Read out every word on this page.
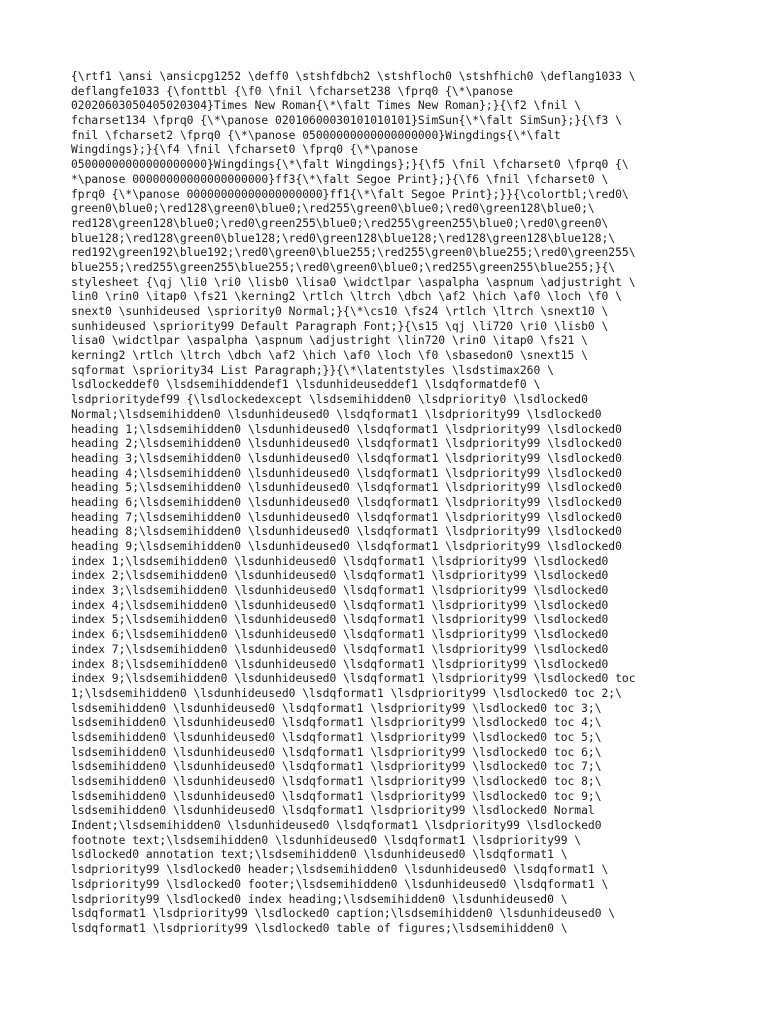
{\rtf1 \ansi \ansicpg1252 \deff0 \stshfdbch2 \stshfloch0 \stshfhich0 \deflang1033 \
deflangfe1033 {\fonttbl {\f0 \fnil \fcharset238 \fprq0 {\*\panose
02020603050405020304}Times New Roman{\*\falt Times New Roman};}{\f2 \fnil \
fcharset134 \fprq0 {\*\panose 02010600030101010101}SimSun{\*\falt SimSun};}{\f3 \
fnil \fcharset2 \fprq0 {\*\panose 05000000000000000000}Wingdings{\*\falt
Wingdings};}{\f4 \fnil \fcharset0 \fprq0 {\*\panose
05000000000000000000}Wingdings{\*\falt Wingdings};}{\f5 \fnil \fcharset0 \fprq0 {\
*\panose 00000000000000000000}ff3{\*\falt Segoe Print};}{\f6 \fnil \fcharset0 \
fprq0 {\*\panose 00000000000000000000}ff1{\*\falt Segoe Print};}}{\colortbl;\red0\
green0\blue0;\red128\green0\blue0;\red255\green0\blue0;\red0\green128\blue0;\
red128\green128\blue0;\red0\green255\blue0;\red255\green255\blue0;\red0\green0\
blue128;\red128\green0\blue128;\red0\green128\blue128;\red128\green128\blue128;\
red192\green192\blue192;\red0\green0\blue255;\red255\green0\blue255;\red0\green255\
blue255;\red255\green255\blue255;\red0\green0\blue0;\red255\green255\blue255;}{\
stylesheet {\qj \li0 \ri0 \lisb0 \lisa0 \widctlpar \aspalpha \aspnum \adjustright \
lin0 \rin0 \itap0 \fs21 \kerning2 \rtlch \ltrch \dbch \af2 \hich \af0 \loch \f0 \
snext0 \sunhideused \spriority0 Normal;}{\*\cs10 \fs24 \rtlch \ltrch \snext10 \
sunhideused \spriority99 Default Paragraph Font;}{\s15 \qj \li720 \ri0 \lisb0 \
lisa0 \widctlpar \aspalpha \aspnum \adjustright \lin720 \rin0 \itap0 \fs21 \
kerning2 \rtlch \ltrch \dbch \af2 \hich \af0 \loch \f0 \sbasedon0 \snext15 \
sqformat \spriority34 List Paragraph;}}{\*\latentstyles \lsdstimax260 \
lsdlockeddef0 \lsdsemihiddendef1 \lsdunhideuseddef1 \lsdqformatdef0 \
lsdprioritydef99 {\lsdlockedexcept \lsdsemihidden0 \lsdpriority0 \lsdlocked0
Normal;\lsdsemihidden0 \lsdunhideused0 \lsdqformat1 \lsdpriority99 \lsdlocked0
heading 1;\lsdsemihidden0 \lsdunhideused0 \lsdqformat1 \lsdpriority99 \lsdlocked0
heading 2;\lsdsemihidden0 \lsdunhideused0 \lsdqformat1 \lsdpriority99 \lsdlocked0
heading 3;\lsdsemihidden0 \lsdunhideused0 \lsdqformat1 \lsdpriority99 \lsdlocked0
heading 4;\lsdsemihidden0 \lsdunhideused0 \lsdqformat1 \lsdpriority99 \lsdlocked0
heading 5;\lsdsemihidden0 \lsdunhideused0 \lsdqformat1 \lsdpriority99 \lsdlocked0
heading 6;\lsdsemihidden0 \lsdunhideused0 \lsdqformat1 \lsdpriority99 \lsdlocked0
heading 7;\lsdsemihidden0 \lsdunhideused0 \lsdqformat1 \lsdpriority99 \lsdlocked0
heading 8;\lsdsemihidden0 \lsdunhideused0 \lsdqformat1 \lsdpriority99 \lsdlocked0
heading 9;\lsdsemihidden0 \lsdunhideused0 \lsdqformat1 \lsdpriority99 \lsdlocked0
index 1;\lsdsemihidden0 \lsdunhideused0 \lsdqformat1 \lsdpriority99 \lsdlocked0
index 2;\lsdsemihidden0 \lsdunhideused0 \lsdqformat1 \lsdpriority99 \lsdlocked0
index 3;\lsdsemihidden0 \lsdunhideused0 \lsdqformat1 \lsdpriority99 \lsdlocked0
index 4;\lsdsemihidden0 \lsdunhideused0 \lsdqformat1 \lsdpriority99 \lsdlocked0
index 5;\lsdsemihidden0 \lsdunhideused0 \lsdqformat1 \lsdpriority99 \lsdlocked0
index 6;\lsdsemihidden0 \lsdunhideused0 \lsdqformat1 \lsdpriority99 \lsdlocked0
index 7;\lsdsemihidden0 \lsdunhideused0 \lsdqformat1 \lsdpriority99 \lsdlocked0
index 8;\lsdsemihidden0 \lsdunhideused0 \lsdqformat1 \lsdpriority99 \lsdlocked0
index 9;\lsdsemihidden0 \lsdunhideused0 \lsdqformat1 \lsdpriority99 \lsdlocked0 toc
1;\lsdsemihidden0 \lsdunhideused0 \lsdqformat1 \lsdpriority99 \lsdlocked0 toc 2;\
lsdsemihidden0 \lsdunhideused0 \lsdqformat1 \lsdpriority99 \lsdlocked0 toc 3;\
lsdsemihidden0 \lsdunhideused0 \lsdqformat1 \lsdpriority99 \lsdlocked0 toc 4;\
lsdsemihidden0 \lsdunhideused0 \lsdqformat1 \lsdpriority99 \lsdlocked0 toc 5;\
lsdsemihidden0 \lsdunhideused0 \lsdqformat1 \lsdpriority99 \lsdlocked0 toc 6;\
lsdsemihidden0 \lsdunhideused0 \lsdqformat1 \lsdpriority99 \lsdlocked0 toc 7;\
lsdsemihidden0 \lsdunhideused0 \lsdqformat1 \lsdpriority99 \lsdlocked0 toc 8;\
lsdsemihidden0 \lsdunhideused0 \lsdqformat1 \lsdpriority99 \lsdlocked0 toc 9;\
lsdsemihidden0 \lsdunhideused0 \lsdqformat1 \lsdpriority99 \lsdlocked0 Normal
Indent;\lsdsemihidden0 \lsdunhideused0 \lsdqformat1 \lsdpriority99 \lsdlocked0
footnote text;\lsdsemihidden0 \lsdunhideused0 \lsdqformat1 \lsdpriority99 \
lsdlocked0 annotation text;\lsdsemihidden0 \lsdunhideused0 \lsdqformat1 \
lsdpriority99 \lsdlocked0 header;\lsdsemihidden0 \lsdunhideused0 \lsdqformat1 \
lsdpriority99 \lsdlocked0 footer;\lsdsemihidden0 \lsdunhideused0 \lsdqformat1 \
lsdpriority99 \lsdlocked0 index heading;\lsdsemihidden0 \lsdunhideused0 \
lsdqformat1 \lsdpriority99 \lsdlocked0 caption;\lsdsemihidden0 \lsdunhideused0 \
lsdqformat1 \lsdpriority99 \lsdlocked0 table of figures;\lsdsemihidden0 \
